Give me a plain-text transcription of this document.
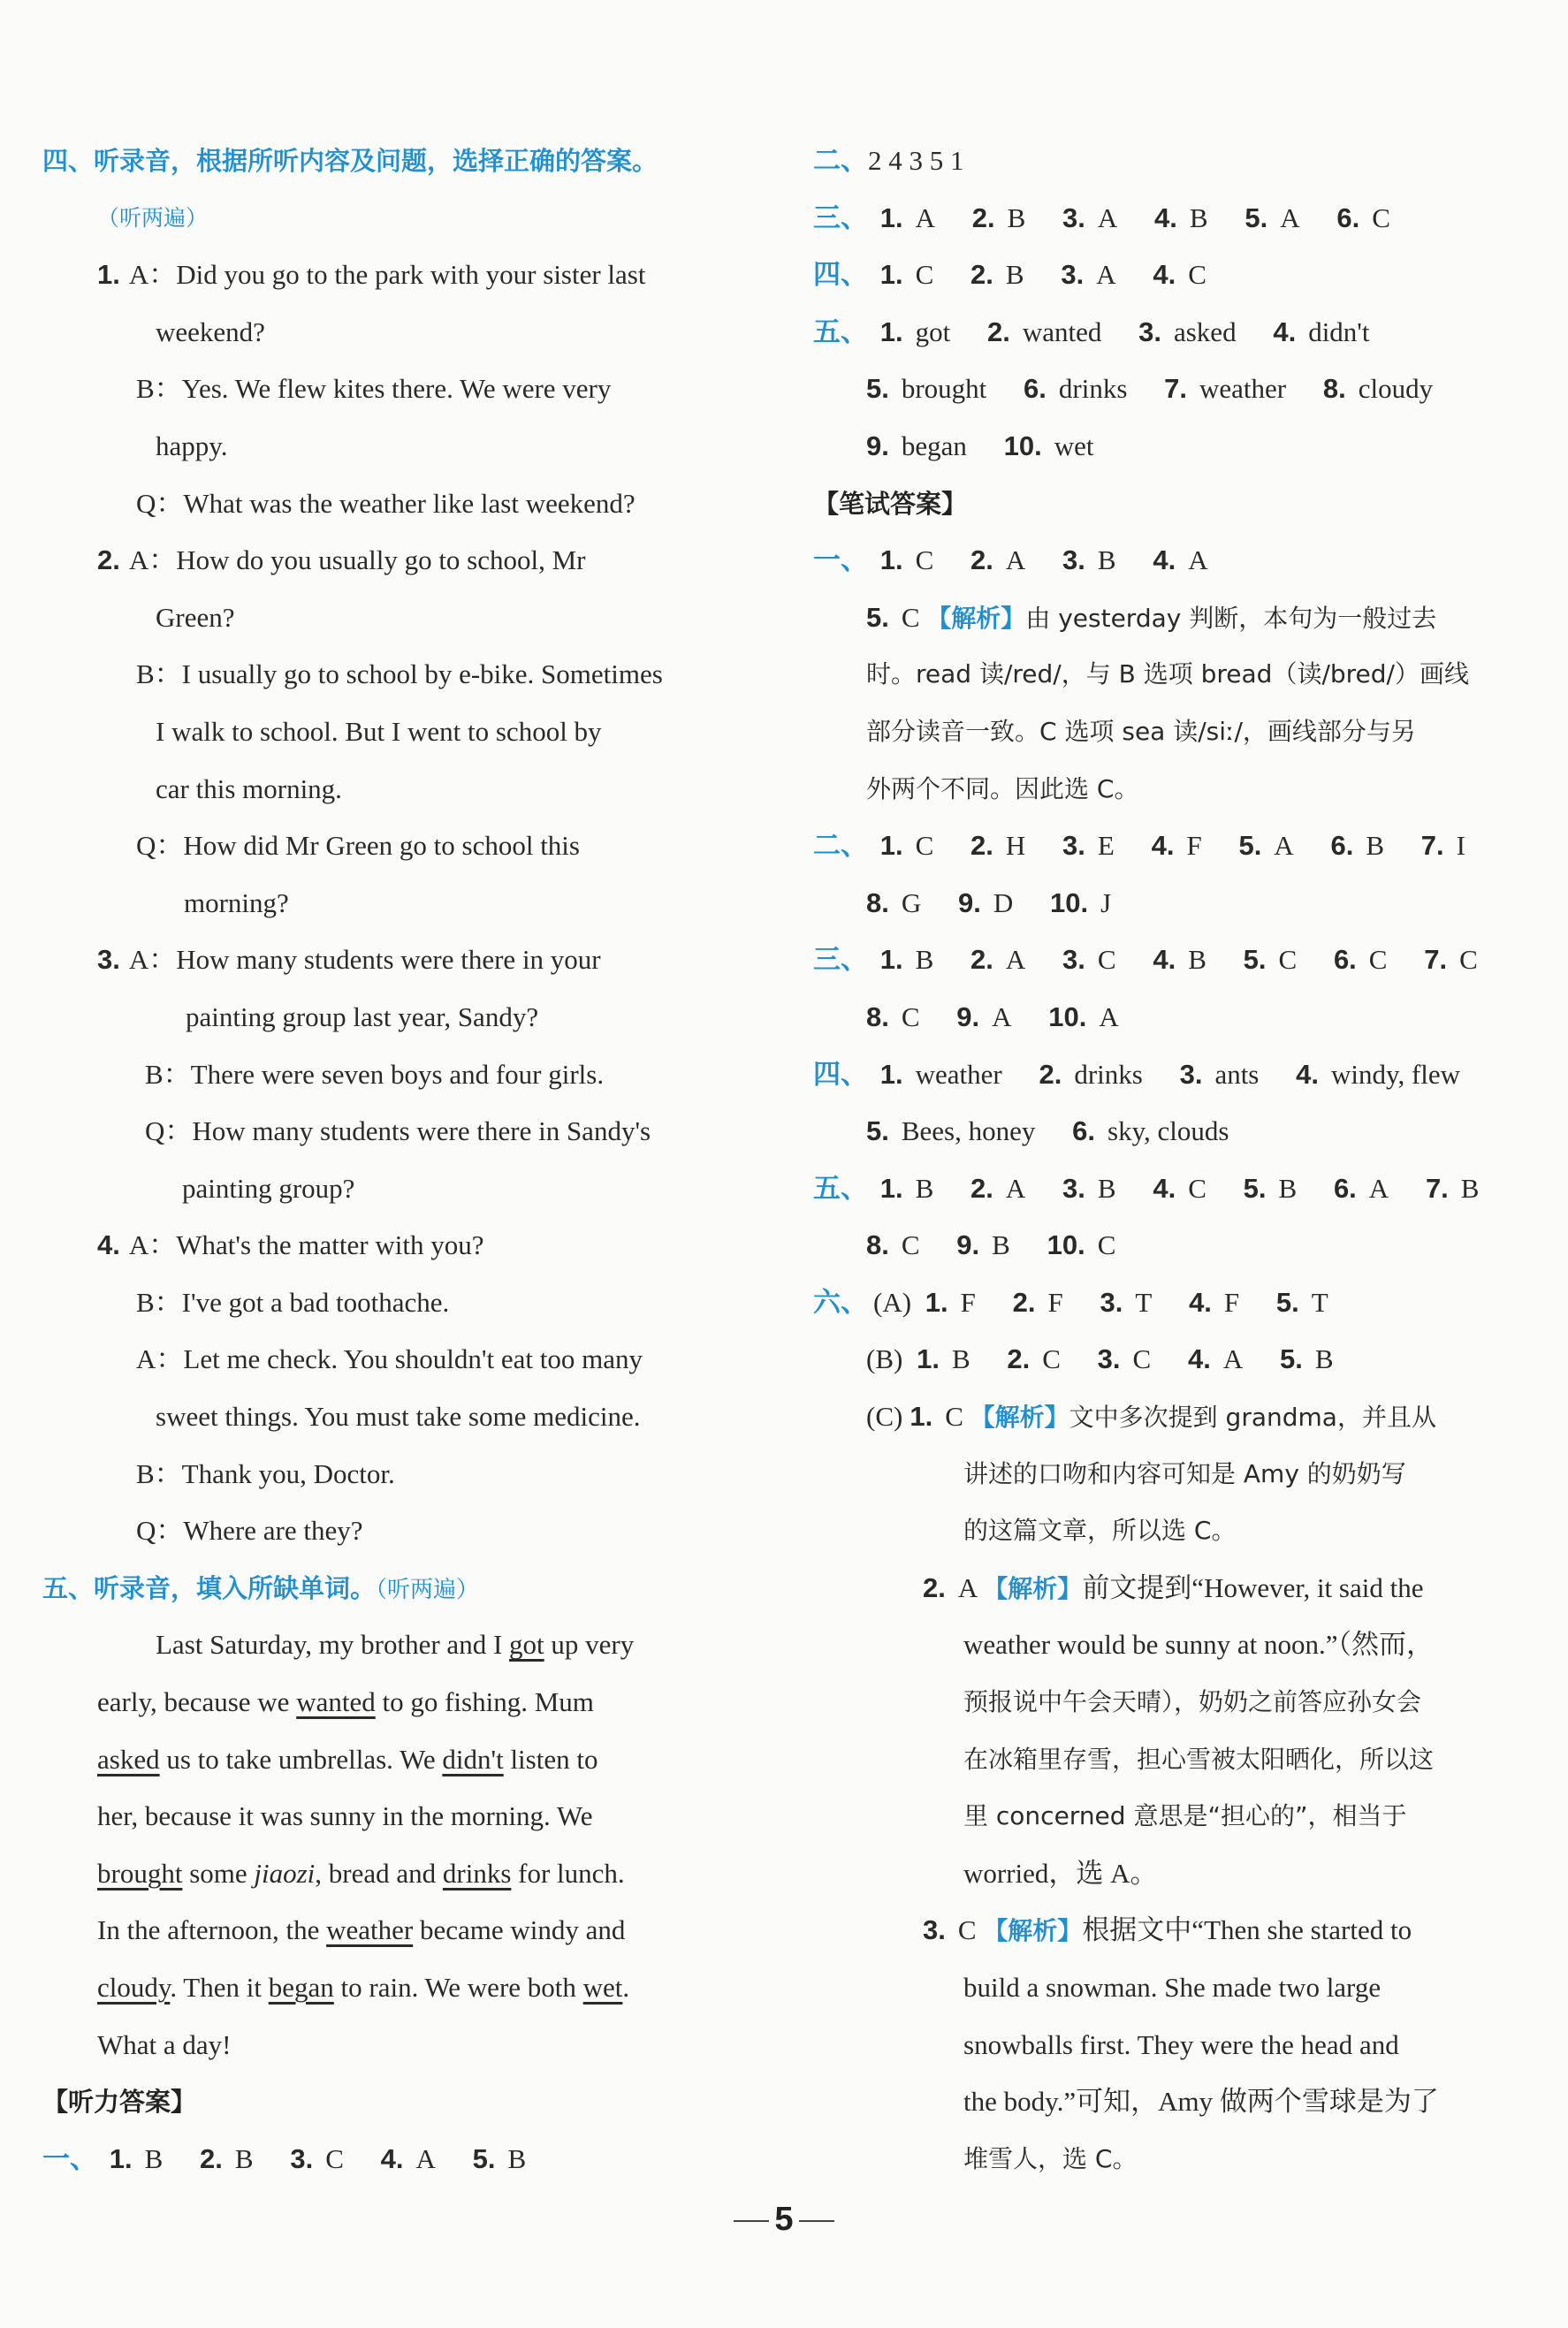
四、听录音，根据所听内容及问题，选择正确的答案。
（听两遍）
1. A：Did you go to the park with your sister last
weekend?
B：Yes. We flew kites there. We were very
happy.
Q：What was the weather like last weekend?
2. A：How do you usually go to school, Mr
Green?
B：I usually go to school by e-bike. Sometimes
I walk to school. But I went to school by
car this morning.
Q：How did Mr Green go to school this
morning?
3. A：How many students were there in your
painting group last year, Sandy?
B：There were seven boys and four girls.
Q：How many students were there in Sandy's
painting group?
4. A：What's the matter with you?
B：I've got a bad toothache.
A：Let me check. You shouldn't eat too many
sweet things. You must take some medicine.
B：Thank you, Doctor.
Q：Where are they?
五、听录音，填入所缺单词。（听两遍）
Last Saturday, my brother and I got up very
early, because we wanted to go fishing. Mum
asked us to take umbrellas. We didn't listen to
her, because it was sunny in the morning. We
brought some jiaozi, bread and drinks for lunch.
In the afternoon, the weather became windy and
cloudy. Then it began to rain. We were both wet.
What a day!
【听力答案】
一、 1. B 2. B 3. C 4. A 5. B
二、2 4 3 5 1
三、 1. A 2. B 3. A 4. B 5. A 6. C
四、 1. C 2. B 3. A 4. C
五、 1. got 2. wanted 3. asked 4. didn't
5. brought 6. drinks 7. weather 8. cloudy
9. began 10. wet
【笔试答案】
一、 1. C 2. A 3. B 4. A
5. C 【解析】由 yesterday 判断，本句为一般过去
时。read 读/red/，与 B 选项 bread（读/bred/）画线
部分读音一致。C 选项 sea 读/siː/，画线部分与另
外两个不同。因此选 C。
二、 1. C 2. H 3. E 4. F 5. A 6. B 7. I
8. G 9. D 10. J
三、 1. B 2. A 3. C 4. B 5. C 6. C 7. C
8. C 9. A 10. A
四、 1. weather 2. drinks 3. ants 4. windy, flew
5. Bees, honey 6. sky, clouds
五、 1. B 2. A 3. B 4. C 5. B 6. A 7. B
8. C 9. B 10. C
六、 (A) 1. F 2. F 3. T 4. F 5. T
(B) 1. B 2. C 3. C 4. A 5. B
(C) 1. C 【解析】文中多次提到 grandma，并且从
讲述的口吻和内容可知是 Amy 的奶奶写
的这篇文章，所以选 C。
2. A 【解析】前文提到“However, it said the
weather would be sunny at noon.”（然而，
预报说中午会天晴），奶奶之前答应孙女会
在冰箱里存雪，担心雪被太阳晒化，所以这
里 concerned 意思是“担心的”，相当于
worried，选 A。
3. C 【解析】根据文中“Then she started to
build a snowman. She made two large
snowballs first. They were the head and
the body.”可知，Amy 做两个雪球是为了
堆雪人，选 C。
5
